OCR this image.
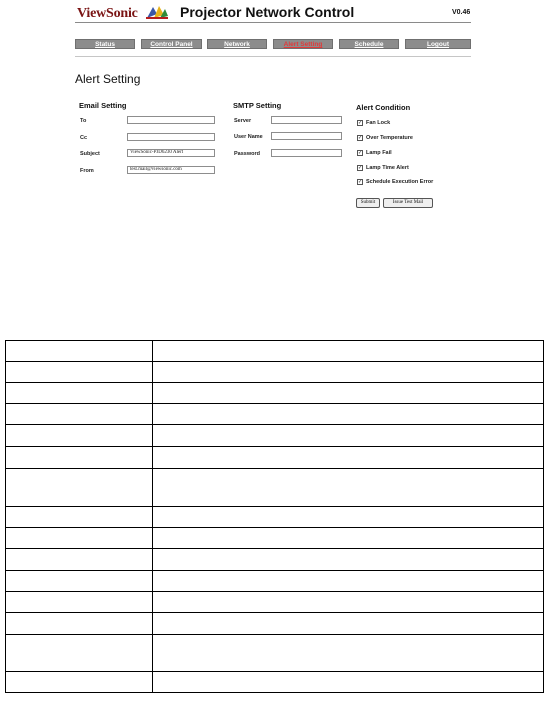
ViewSonic	Projector Network Control	V0.46
Status	Control Panel	Network	Alert Setting	Schedule	Logout
Alert Setting
Email Setting
To
Cc
Subject	ViewSonic-PJD6230 Alert
From	test.mail@viewsonic.com
SMTP Setting
Server
User Name
Password
Alert Condition
✓ Fan Lock
✓ Over Temperature
✓ Lamp Fail
✓ Lamp Time Alert
✓ Schedule Execution Error
Submit	Issue Test Mail
